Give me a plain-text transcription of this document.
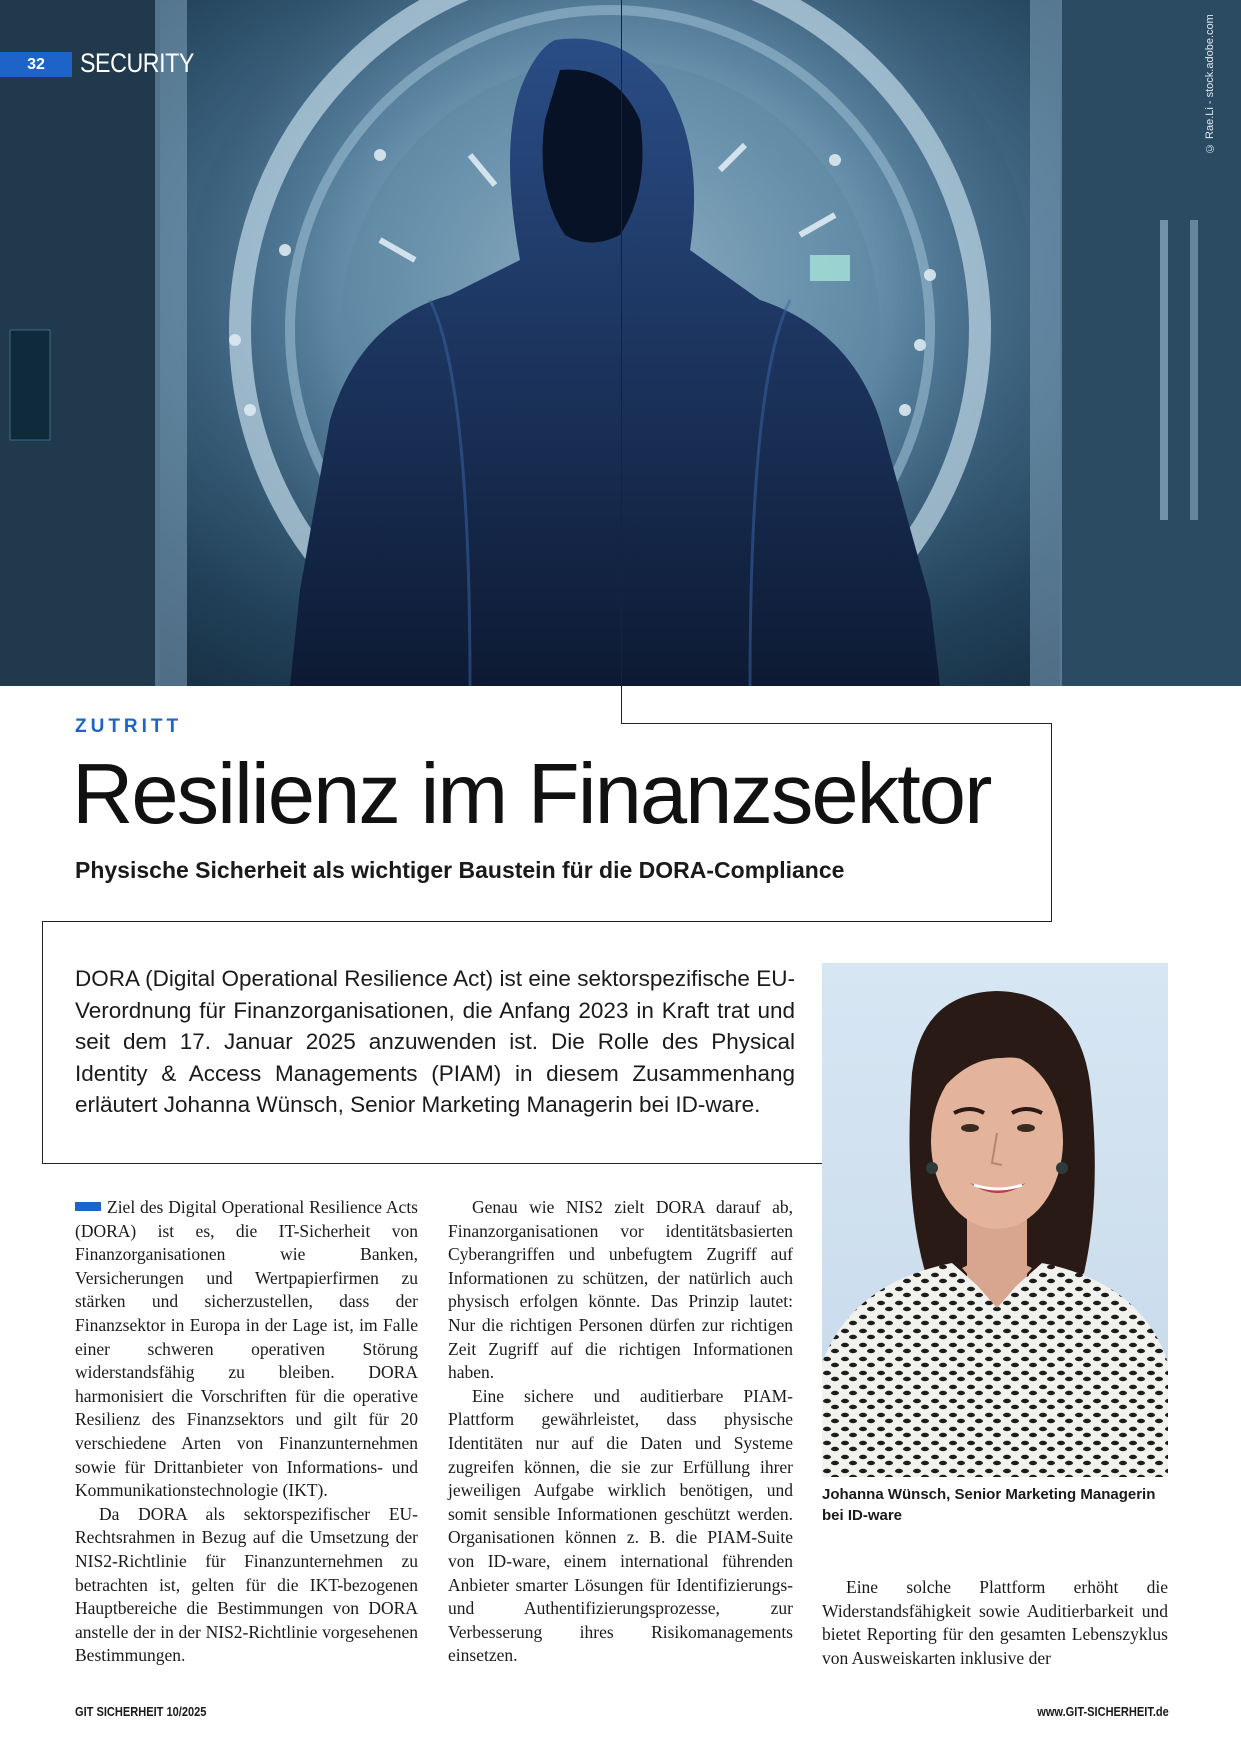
32	SECURITY	© Rae.Li - stock.adobe.com
ZUTRITT
Resilienz im Finanzsektor
Physische Sicherheit als wichtiger Baustein für die DORA-Compliance
DORA (Digital Operational Resilience Act) ist eine sektorspezifische EU-Verordnung für Finanzorganisationen, die Anfang 2023 in Kraft trat und seit dem 17. Januar 2025 anzuwenden ist. Die Rolle des Physical Identity & Access Managements (PIAM) in diesem Zusammenhang erläutert Johanna Wünsch, Senior Marketing Managerin bei ID-ware.
Johanna Wünsch, Senior Marketing Managerin bei ID-ware

Ziel des Digital Operational Resilience Acts (DORA) ist es, die IT-Sicherheit von Finanzorganisationen wie Banken, Versicherungen und Wertpapierfirmen zu stärken und sicherzustellen, dass der Finanzsektor in Europa in der Lage ist, im Falle einer schweren operativen Störung widerstandsfähig zu bleiben. DORA harmonisiert die Vorschriften für die operative Resilienz des Finanzsektors und gilt für 20 verschiedene Arten von Finanzunternehmen sowie für Drittanbieter von Informations- und Kommunikationstechnologie (IKT).

Da DORA als sektorspezifischer EU-Rechtsrahmen in Bezug auf die Umsetzung der NIS2-Richtlinie für Finanzunternehmen zu betrachten ist, gelten für die IKT-bezogenen Hauptbereiche die Bestimmungen von DORA anstelle der in der NIS2-Richtlinie vorgesehenen Bestimmungen.

Genau wie NIS2 zielt DORA darauf ab, Finanzorganisationen vor identitätsbasierten Cyberangriffen und unbefugtem Zugriff auf Informationen zu schützen, der natürlich auch physisch erfolgen könnte. Das Prinzip lautet: Nur die richtigen Personen dürfen zur richtigen Zeit Zugriff auf die richtigen Informationen haben.

Eine sichere und auditierbare PIAM-Plattform gewährleistet, dass physische Identitäten nur auf die Daten und Systeme zugreifen können, die sie zur Erfüllung ihrer jeweiligen Aufgabe wirklich benötigen, und somit sensible Informationen geschützt werden. Organisationen können z. B. die PIAM-Suite von ID-ware, einem international führenden Anbieter smarter Lösungen für Identifizierungs- und Authentifizierungsprozesse, zur Verbesserung ihres Risikomanagements einsetzen.

Eine solche Plattform erhöht die Widerstandsfähigkeit sowie Auditierbarkeit und bietet Reporting für den gesamten Lebenszyklus von Ausweiskarten inklusive der

GIT SICHERHEIT 10/2025	www.GIT-SICHERHEIT.de
